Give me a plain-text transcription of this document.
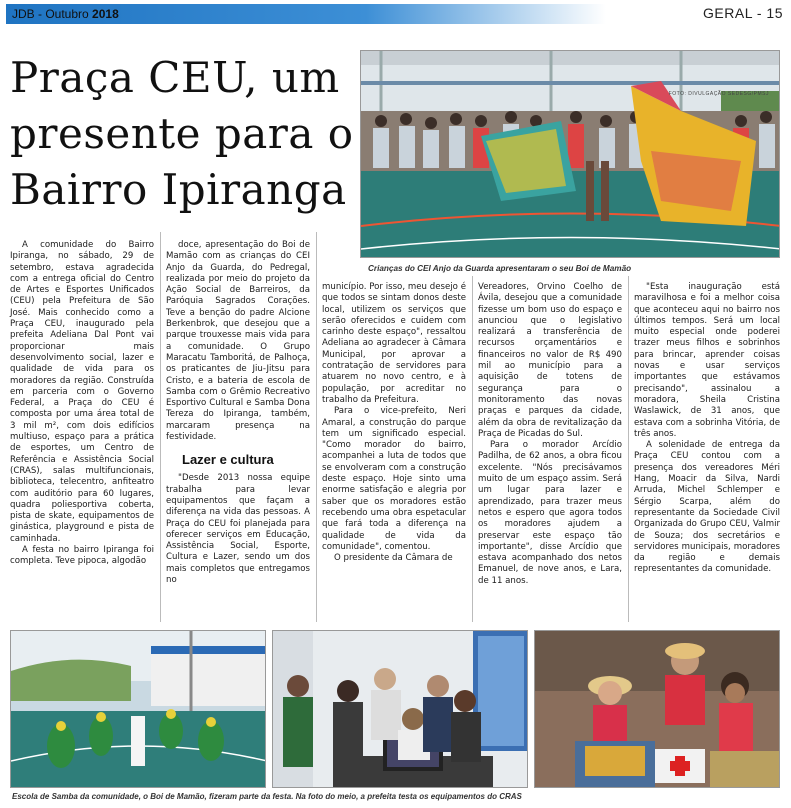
JDB - Outubro 2018	GERAL - 15
Praça CEU, um presente para o Bairro Ipiranga
FOTO: DIVULGAÇÃO SEDESG/PMSJ
Crianças do CEI Anjo da Guarda apresentaram o seu Boi de Mamão

A comunidade do Bairro Ipiranga, no sábado, 29 de setembro, estava agradecida com a entrega oficial do Centro de Artes e Esportes Unificados (CEU) pela Prefeitura de São José. Mais conhecido como a Praça CEU, inaugurado pela prefeita Adeliana Dal Pont vai proporcionar mais desenvolvimento social, lazer e qualidade de vida para os moradores da região. Construída em parceria com o Governo Federal, a Praça do CEU é composta por uma área total de 3 mil m², com dois edifícios multiuso, espaço para a prática de esportes, um Centro de Referência e Assistência Social (CRAS), salas multifuncionais, biblioteca, telecentro, anfiteatro com auditório para 60 lugares, quadra poliesportiva coberta, pista de skate, equipamentos de ginástica, playground e pista de caminhada.

A festa no bairro Ipiranga foi completa. Teve pipoca, algodão

doce, apresentação do Boi de Mamão com as crianças do CEI Anjo da Guarda, do Pedregal, realizada por meio do projeto da Ação Social de Barreiros, da Paróquia Sagrados Corações. Teve a benção do padre Alcione Berkenbrok, que desejou que a parque trouxesse mais vida para a comunidade. O Grupo Maracatu Tamboritá, de Palhoça, os praticantes de Jiu-Jitsu para Cristo, e a bateria de escola de Samba com o Grêmio Recreativo Esportivo Cultural e Samba Dona Tereza do Ipiranga, também, marcaram presença na festividade.

Lazer e cultura

"Desde 2013 nossa equipe trabalha para levar equipamentos que façam a diferença na vida das pessoas. A Praça do CEU foi planejada para oferecer serviços em Educação, Assistência Social, Esporte, Cultura e Lazer, sendo um dos mais completos que entregamos no

município. Por isso, meu desejo é que todos se sintam donos deste local, utilizem os serviços que serão oferecidos e cuidem com carinho deste espaço", ressaltou Adeliana ao agradecer à Câmara Municipal, por aprovar a contratação de servidores para atuarem no novo centro, e à população, por acreditar no trabalho da Prefeitura.

Para o vice-prefeito, Neri Amaral, a construção do parque tem um significado especial. "Como morador do bairro, acompanhei a luta de todos que se envolveram com a construção deste espaço. Hoje sinto uma enorme satisfação e alegria por saber que os moradores estão recebendo uma obra espetacular que fará toda a diferença na qualidade de vida da comunidade", comentou.

O presidente da Câmara de

Vereadores, Orvino Coelho de Ávila, desejou que a comunidade fizesse um bom uso do espaço e anunciou que o legislativo realizará a transferência de recursos orçamentários e financeiros no valor de R$ 490 mil ao município para a aquisição de totens de segurança para o monitoramento das novas praças e parques da cidade, além da obra de revitalização da Praça de Picadas do Sul.

Para o morador Arcídio Padilha, de 62 anos, a obra ficou excelente. "Nós precisávamos muito de um espaço assim. Será um lugar para lazer e aprendizado, para trazer meus netos e espero que agora todos os moradores ajudem a preservar este espaço tão importante", disse Arcídio que estava acompanhado dos netos Emanuel, de nove anos, e Lara, de 11 anos.

"Esta inauguração está maravilhosa e foi a melhor coisa que aconteceu aqui no bairro nos últimos tempos. Será um local muito especial onde poderei trazer meus filhos e sobrinhos para brincar, aprender coisas novas e usar serviços importantes que estávamos precisando", assinalou a moradora, Sheila Cristina Waslawick, de 31 anos, que estava com a sobrinha Vitória, de três anos.

A solenidade de entrega da Praça CEU contou com a presença dos vereadores Méri Hang, Moacir da Silva, Nardi Arruda, Michel Schlemper e Sérgio Scarpa, além do representante da Sociedade Civil Organizada do Grupo CEU, Valmir de Souza; dos secretários e servidores municipais, moradores da região e demais representantes da comunidade.

Escola de Samba da comunidade, o Boi de Mamão, fizeram parte da festa. Na foto do meio, a prefeita testa os equipamentos do CRAS
